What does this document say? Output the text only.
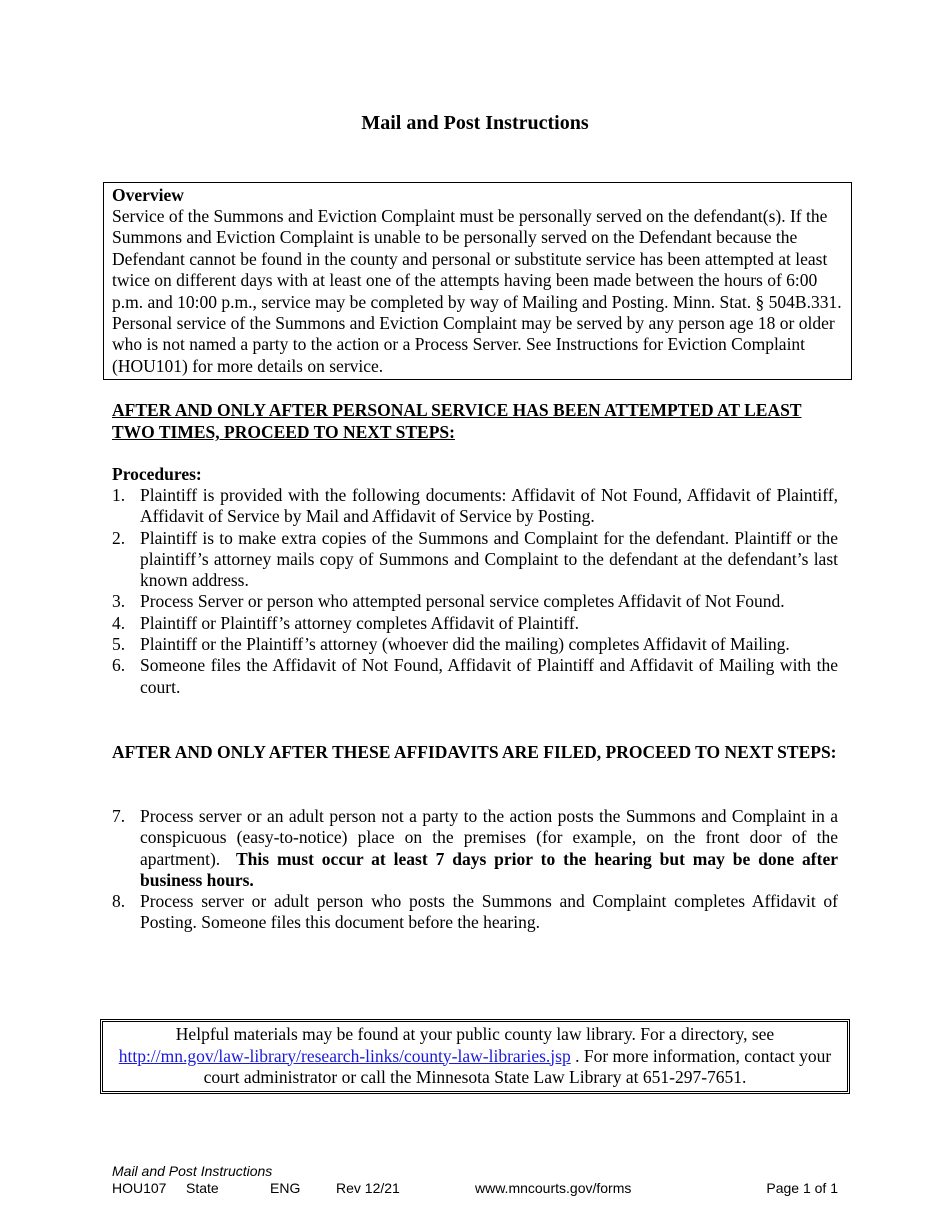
Mail and Post Instructions
Overview
Service of the Summons and Eviction Complaint must be personally served on the defendant(s). If the Summons and Eviction Complaint is unable to be personally served on the Defendant because the Defendant cannot be found in the county and personal or substitute service has been attempted at least twice on different days with at least one of the attempts having been made between the hours of 6:00 p.m. and 10:00 p.m., service may be completed by way of Mailing and Posting. Minn. Stat. § 504B.331. Personal service of the Summons and Eviction Complaint may be served by any person age 18 or older who is not named a party to the action or a Process Server. See Instructions for Eviction Complaint (HOU101) for more details on service.
AFTER AND ONLY AFTER PERSONAL SERVICE HAS BEEN ATTEMPTED AT LEAST TWO TIMES, PROCEED TO NEXT STEPS:
Procedures:
1. Plaintiff is provided with the following documents: Affidavit of Not Found, Affidavit of Plaintiff, Affidavit of Service by Mail and Affidavit of Service by Posting.
2. Plaintiff is to make extra copies of the Summons and Complaint for the defendant. Plaintiff or the plaintiff’s attorney mails copy of Summons and Complaint to the defendant at the defendant’s last known address.
3. Process Server or person who attempted personal service completes Affidavit of Not Found.
4. Plaintiff or Plaintiff’s attorney completes Affidavit of Plaintiff.
5. Plaintiff or the Plaintiff’s attorney (whoever did the mailing) completes Affidavit of Mailing.
6. Someone files the Affidavit of Not Found, Affidavit of Plaintiff and Affidavit of Mailing with the court.
AFTER AND ONLY AFTER THESE AFFIDAVITS ARE FILED, PROCEED TO NEXT STEPS:
7. Process server or an adult person not a party to the action posts the Summons and Complaint in a conspicuous (easy-to-notice) place on the premises (for example, on the front door of the apartment). This must occur at least 7 days prior to the hearing but may be done after business hours.
8. Process server or adult person who posts the Summons and Complaint completes Affidavit of Posting. Someone files this document before the hearing.
Helpful materials may be found at your public county law library. For a directory, see
http://mn.gov/law-library/research-links/county-law-libraries.jsp . For more information, contact your court administrator or call the Minnesota State Law Library at 651-297-7651.
Mail and Post Instructions
HOU107 State	ENG	Rev 12/21	www.mncourts.gov/forms	Page 1 of 1
